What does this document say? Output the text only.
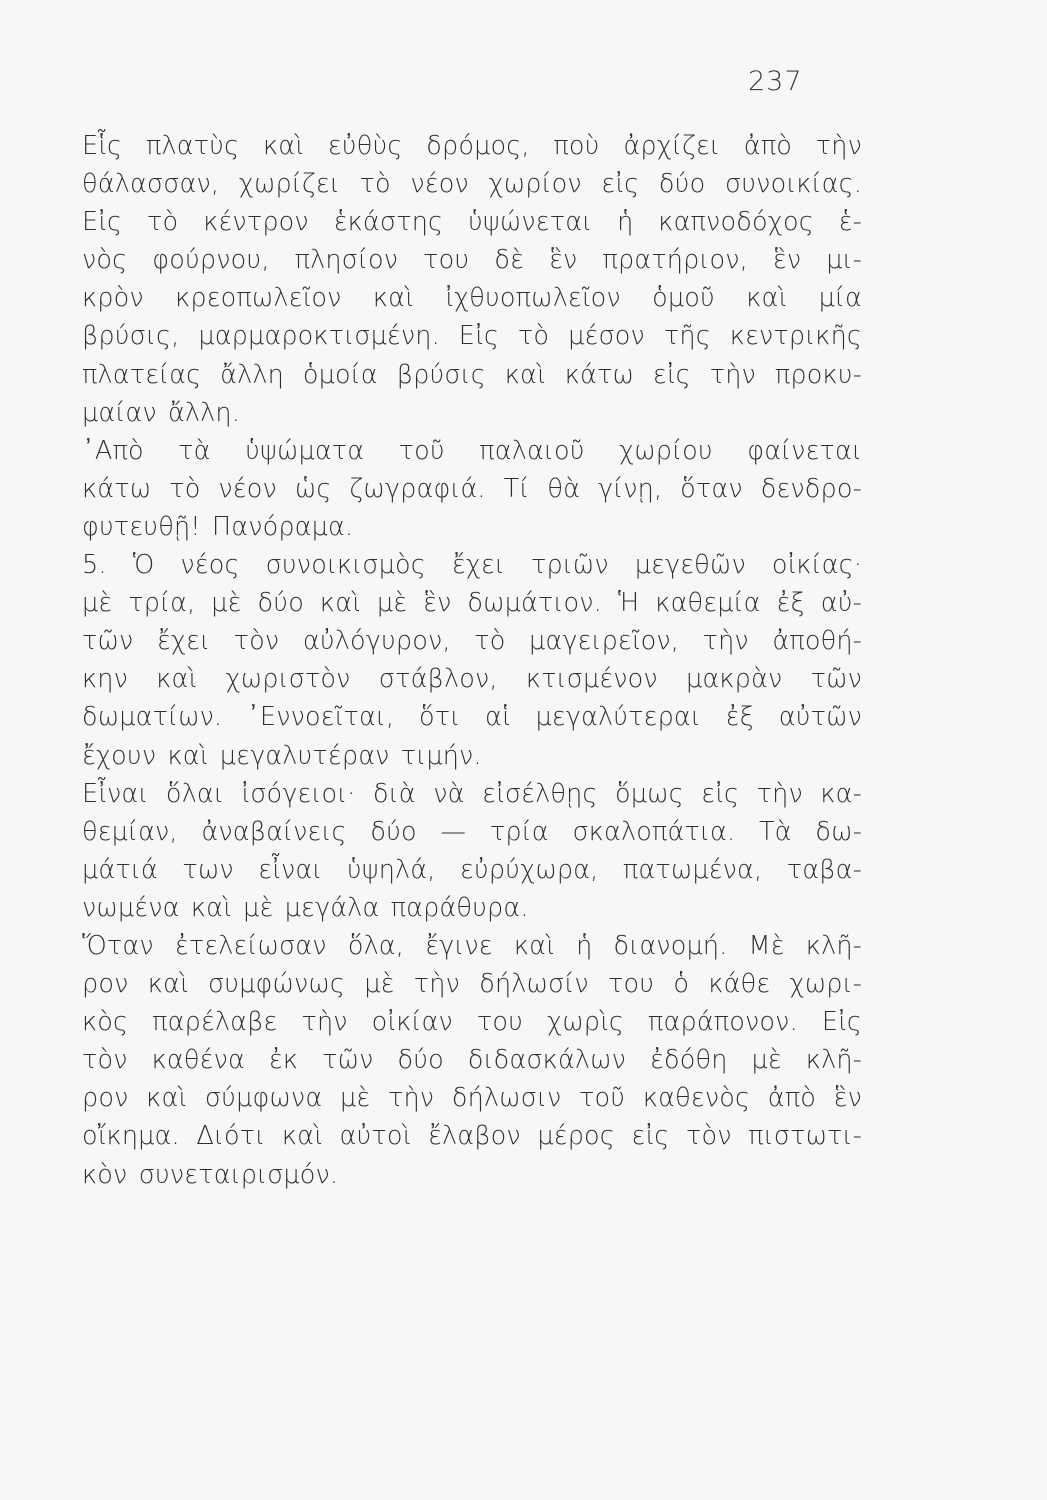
237
Εἷς πλατὺς καὶ εὐθὺς δρόμος, ποὺ ἀρχίζει ἀπὸ τὴν
θάλασσαν, χωρίζει τὸ νέον χωρίον εἰς δύο συνοικίας.
Εἰς τὸ κέντρον ἑκάστης ὑψώνεται ἡ καπνοδόχος ἑ-
νὸς φούρνου, πλησίον του δὲ ἓν πρατήριον, ἓν μι-
κρὸν κρεοπωλεῖον καὶ ἰχθυοπωλεῖον ὁμοῦ καὶ μία
βρύσις, μαρμαροκτισμένη. Εἰς τὸ μέσον τῆς κεντρικῆς
πλατείας ἄλλη ὁμοία βρύσις καὶ κάτω εἰς τὴν προκυ-
μαίαν ἄλλη.
᾿Απὸ τὰ ὑψώματα τοῦ παλαιοῦ χωρίου φαίνεται
κάτω τὸ νέον ὡς ζωγραφιά. Τί θὰ γίνῃ, ὅταν δενδρο-
φυτευθῇ! Πανόραμα.
5. Ὁ νέος συνοικισμὸς ἔχει τριῶν μεγεθῶν οἰκίας·
μὲ τρία, μὲ δύο καὶ μὲ ἓν δωμάτιον. Ἡ καθεμία ἐξ αὐ-
τῶν ἔχει τὸν αὐλόγυρον, τὸ μαγειρεῖον, τὴν ἀποθή-
κην καὶ χωριστὸν στάβλον, κτισμένον μακρὰν τῶν
δωματίων. ᾿Εννοεῖται, ὅτι αἱ μεγαλύτεραι ἐξ αὐτῶν
ἔχουν καὶ μεγαλυτέραν τιμήν.
Εἶναι ὅλαι ἰσόγειοι· διὰ νὰ εἰσέλθῃς ὅμως εἰς τὴν κα-
θεμίαν, ἀναβαίνεις δύο — τρία σκαλοπάτια. Τὰ δω-
μάτιά των εἶναι ὑψηλά, εὐρύχωρα, πατωμένα, ταβα-
νωμένα καὶ μὲ μεγάλα παράθυρα.
Ὅταν ἐτελείωσαν ὅλα, ἔγινε καὶ ἡ διανομή. Μὲ κλῆ-
ρον καὶ συμφώνως μὲ τὴν δήλωσίν του ὁ κάθε χωρι-
κὸς παρέλαβε τὴν οἰκίαν του χωρὶς παράπονον. Εἰς
τὸν καθένα ἐκ τῶν δύο διδασκάλων ἐδόθη μὲ κλῆ-
ρον καὶ σύμφωνα μὲ τὴν δήλωσιν τοῦ καθενὸς ἀπὸ ἓν
οἴκημα. Διότι καὶ αὐτοὶ ἔλαβον μέρος εἰς τὸν πιστωτι-
κὸν συνεταιρισμόν.
